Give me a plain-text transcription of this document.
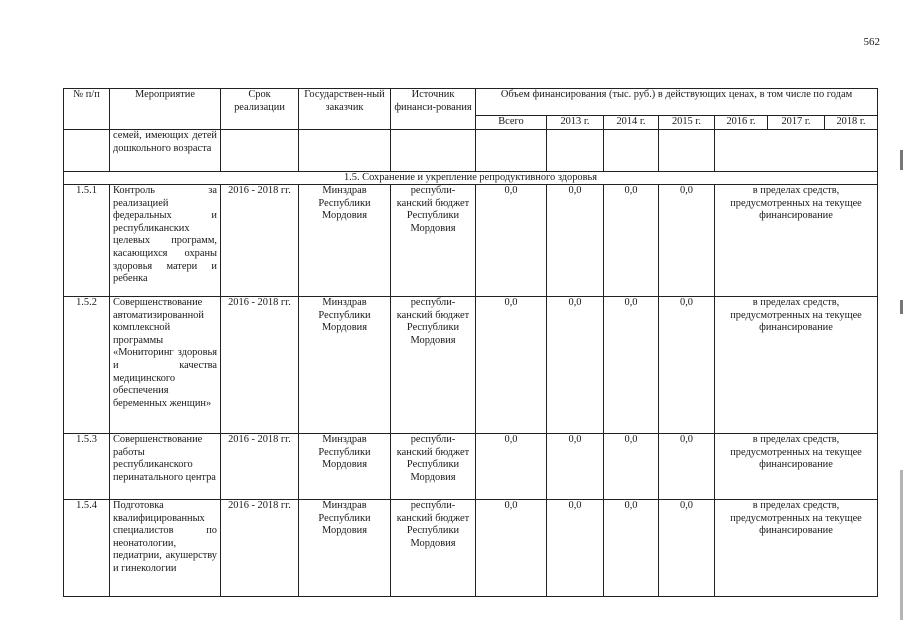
562
№ п/п	Мероприятие	Срок реализации	Государствен-ный заказчик	Источник финанси-рования	Объем финансирования (тыс. руб.) в действующих ценах, в том числе по годам						
					Всего	2013 г.	2014 г.	2015 г.	2016 г.	2017 г.	2018 г.
	семей, имеющих детей дошкольного возраста										
1.5. Сохранение и укрепление репродуктивного здоровья											
1.5.1	Контроль за реализацией федеральных и республиканских целевых программ, касающихся охраны здоровья матери и ребенка	2016 - 2018 гг.	Минздрав Республики Мордовия	республи-канский бюджет Республики Мордовия	0,0	0,0	0,0	0,0	в пределах средств, предусмотренных на текущее финансирование		
1.5.2	Совершенствование автоматизированной комплексной программы «Мониторинг здоровья и качества медицинского обеспечения беременных женщин»	2016 - 2018 гг.	Минздрав Республики Мордовия	республи-канский бюджет Республики Мордовия	0,0	0,0	0,0	0,0	в пределах средств, предусмотренных на текущее финансирование		
1.5.3	Совершенствование работы республиканского перинатального центра	2016 - 2018 гг.	Минздрав Республики Мордовия	республи-канский бюджет Республики Мордовия	0,0	0,0	0,0	0,0	в пределах средств, предусмотренных на текущее финансирование		
1.5.4	Подготовка квалифицированных специалистов по неонатологии, педиатрии, акушерству и гинекологии	2016 - 2018 гг.	Минздрав Республики Мордовия	республи-канский бюджет Республики Мордовия	0,0	0,0	0,0	0,0	в пределах средств, предусмотренных на текущее финансирование		
